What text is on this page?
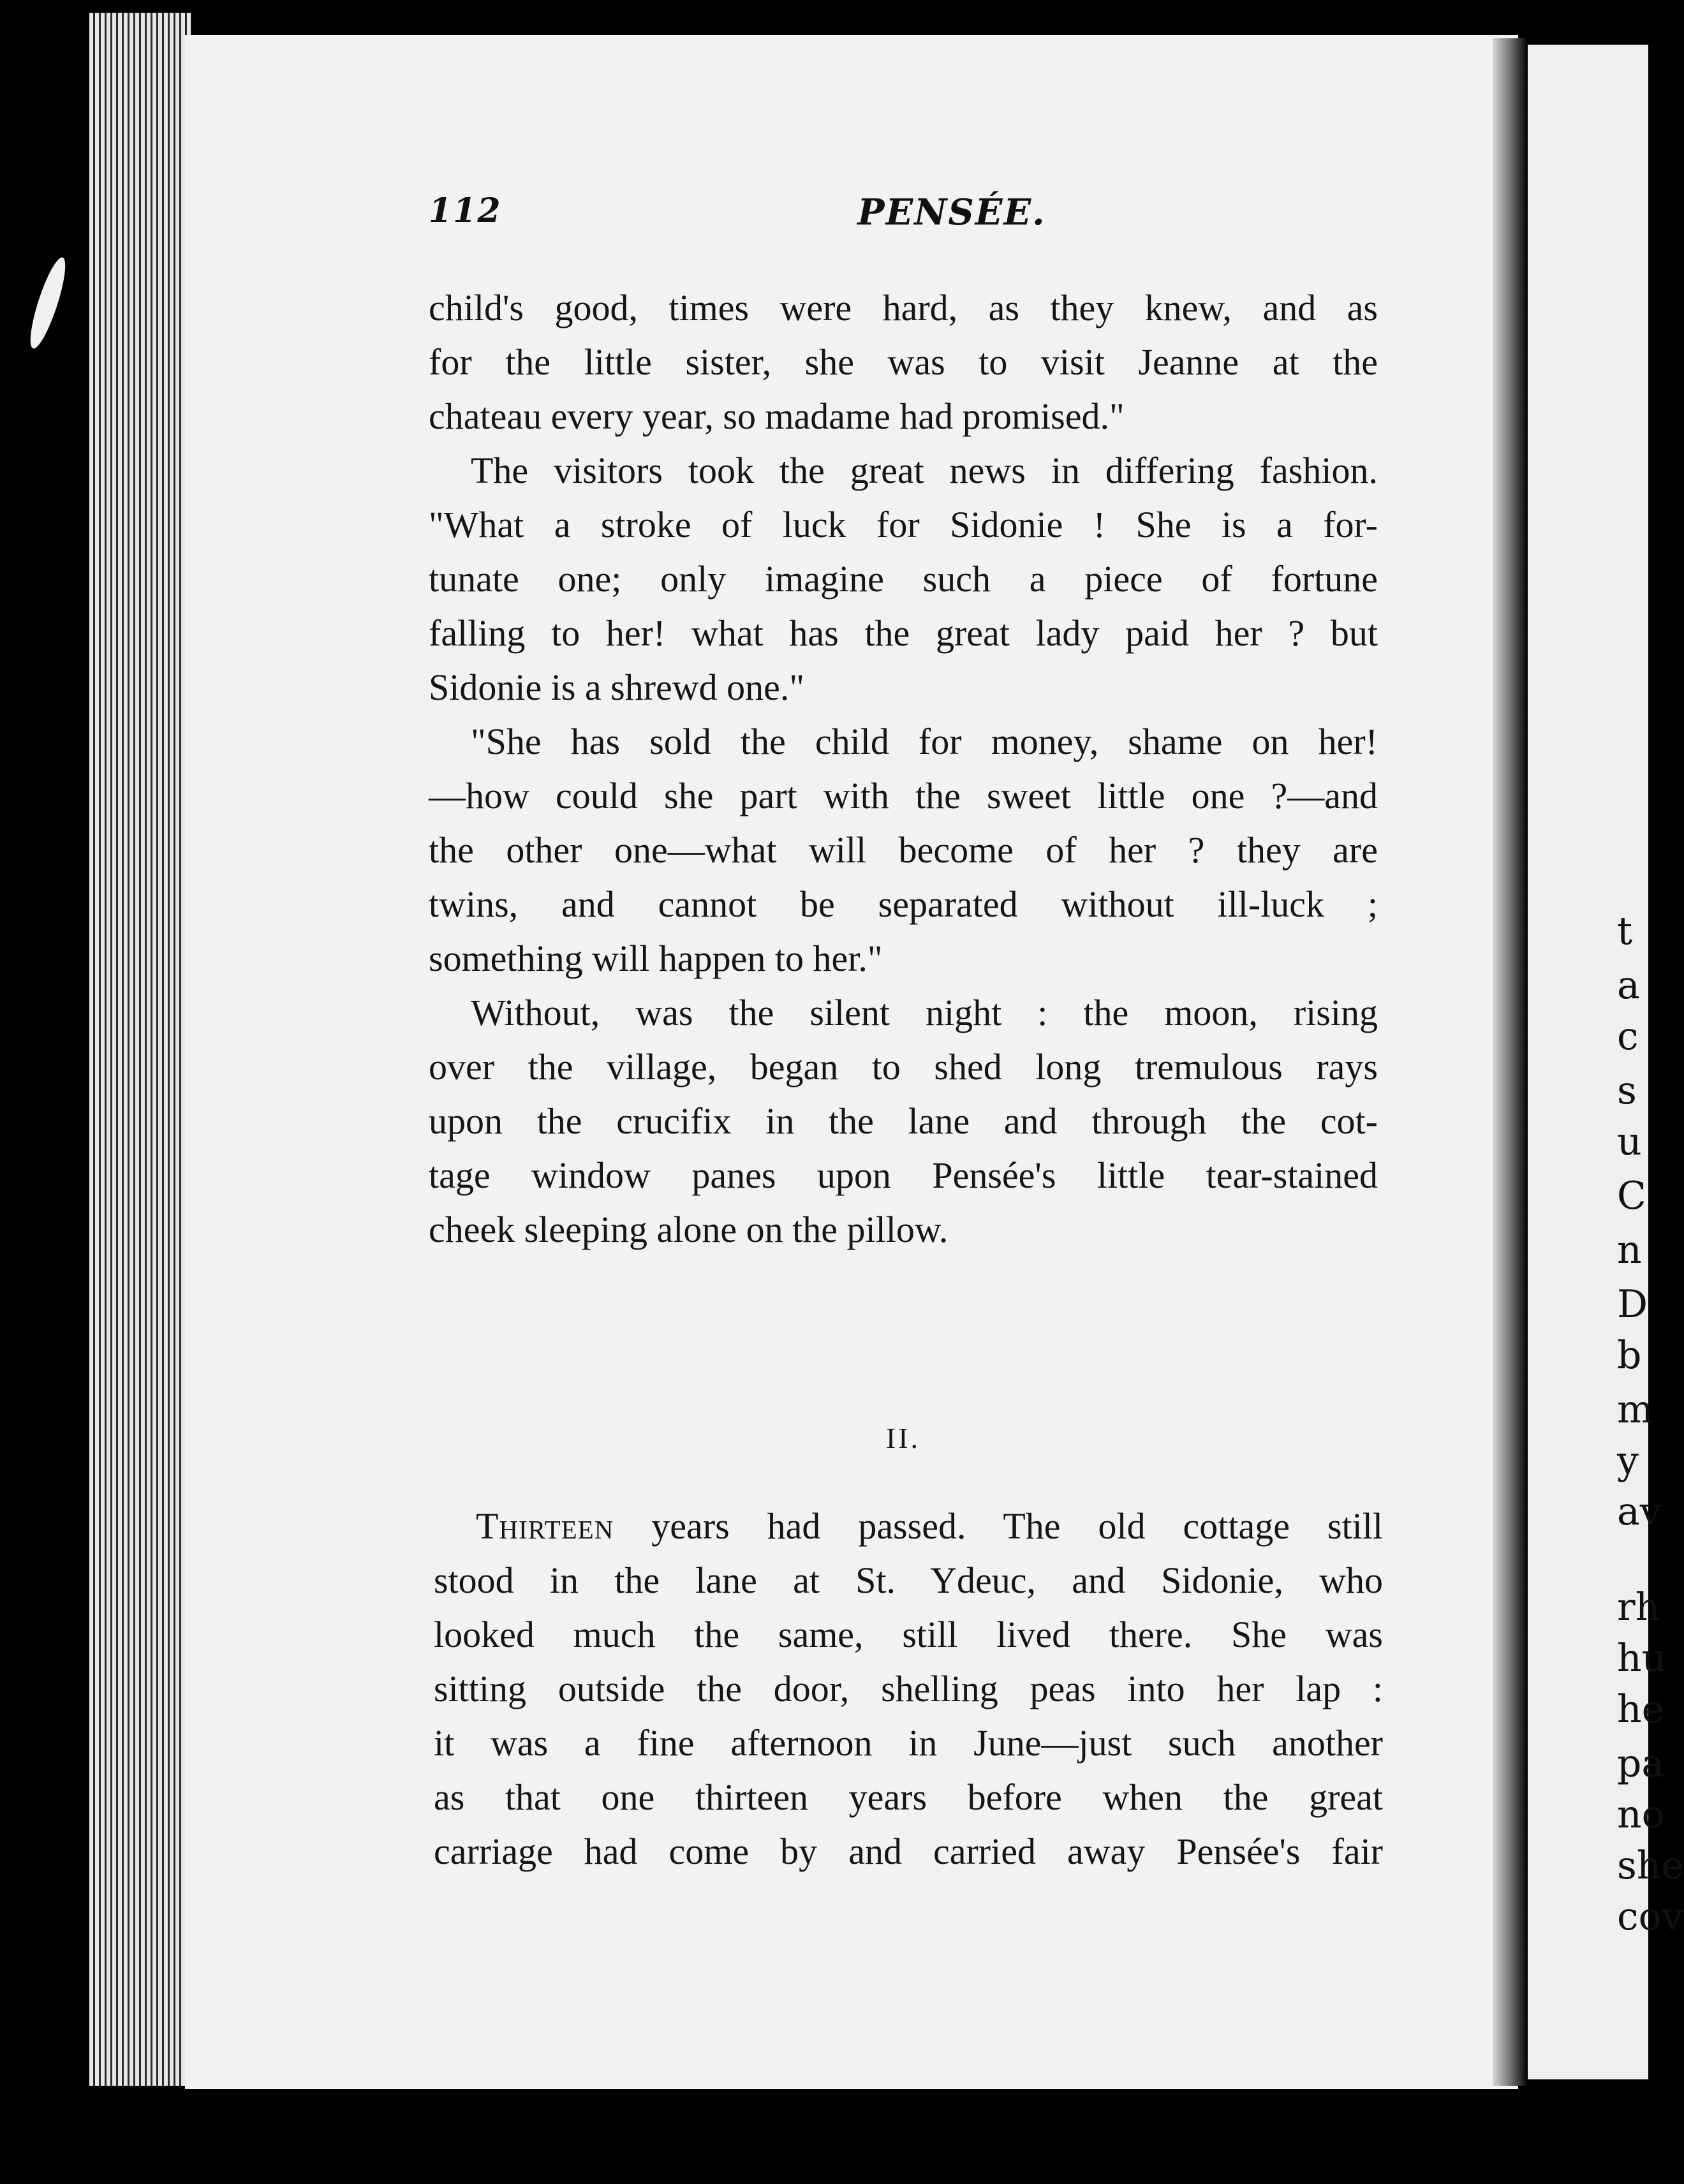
112	PENSÉE.

child's good, times were hard, as they knew, and as
for the little sister, she was to visit Jeanne at the
chateau every year, so madame had promised."

The visitors took the great news in differing fashion.
"What a stroke of luck for Sidonie ! She is a for-
tunate one; only imagine such a piece of fortune
falling to her! what has the great lady paid her ? but
Sidonie is a shrewd one."

"She has sold the child for money, shame on her!
—how could she part with the sweet little one ?—and
the other one—what will become of her ? they are
twins, and cannot be separated without ill-luck ;
something will happen to her."

Without, was the silent night : the moon, rising
over the village, began to shed long tremulous rays
upon the crucifix in the lane and through the cot-
tage window panes upon Pensée's little tear-stained
cheek sleeping alone on the pillow.

II.

Thirteen years had passed. The old cottage still
stood in the lane at St. Ydeuc, and Sidonie, who
looked much the same, still lived there. She was
sitting outside the door, shelling peas into her lap :
it was a fine afternoon in June—just such another
as that one thirteen years before when the great
carriage had come by and carried away Pensée's fair

t
a
c
s
u
C
n
D
b
m
y
av
rh
hu
he
pa
no
she
cov
